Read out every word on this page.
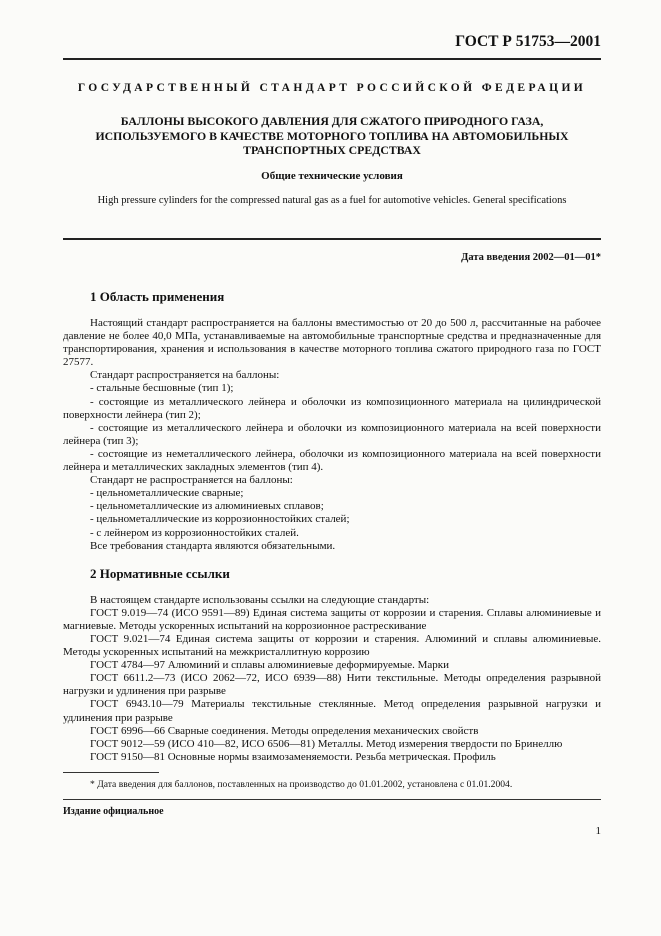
ГОСТ Р 51753—2001
ГОСУДАРСТВЕННЫЙ СТАНДАРТ РОССИЙСКОЙ ФЕДЕРАЦИИ
БАЛЛОНЫ ВЫСОКОГО ДАВЛЕНИЯ ДЛЯ СЖАТОГО ПРИРОДНОГО ГАЗА,
ИСПОЛЬЗУЕМОГО В КАЧЕСТВЕ МОТОРНОГО ТОПЛИВА НА АВТОМОБИЛЬНЫХ
ТРАНСПОРТНЫХ СРЕДСТВАХ
Общие технические условия
High pressure cylinders for the compressed natural gas as a fuel for automotive vehicles. General specifications
Дата введения 2002—01—01*
1 Область применения

Настоящий стандарт распространяется на баллоны вместимостью от 20 до 500 л, рассчитанные на рабочее давление не более 40,0 МПа, устанавливаемые на автомобильные транспортные средства и предназначенные для транспортирования, хранения и использования в качестве моторного топлива сжатого природного газа по ГОСТ 27577.

Стандарт распространяется на баллоны:

- стальные бесшовные (тип 1);

- состоящие из металлического лейнера и оболочки из композиционного материала на цилиндрической поверхности лейнера (тип 2);

- состоящие из металлического лейнера и оболочки из композиционного материала на всей поверхности лейнера (тип 3);

- состоящие из неметаллического лейнера, оболочки из композиционного материала на всей поверхности лейнера и металлических закладных элементов (тип 4).

Стандарт не распространяется на баллоны:

- цельнометаллические сварные;

- цельнометаллические из алюминиевых сплавов;

- цельнометаллические из коррозионностойких сталей;

- с лейнером из коррозионностойких сталей.

Все требования стандарта являются обязательными.

2 Нормативные ссылки

В настоящем стандарте использованы ссылки на следующие стандарты:

ГОСТ 9.019—74 (ИСО 9591—89) Единая система защиты от коррозии и старения. Сплавы алюминиевые и магниевые. Методы ускоренных испытаний на коррозионное растрескивание

ГОСТ 9.021—74 Единая система защиты от коррозии и старения. Алюминий и сплавы алюминиевые. Методы ускоренных испытаний на межкристаллитную коррозию

ГОСТ 4784—97 Алюминий и сплавы алюминиевые деформируемые. Марки

ГОСТ 6611.2—73 (ИСО 2062—72, ИСО 6939—88) Нити текстильные. Методы определения разрывной нагрузки и удлинения при разрыве

ГОСТ 6943.10—79 Материалы текстильные стеклянные. Метод определения разрывной нагрузки и удлинения при разрыве

ГОСТ 6996—66 Сварные соединения. Методы определения механических свойств

ГОСТ 9012—59 (ИСО 410—82, ИСО 6506—81) Металлы. Метод измерения твердости по Бринеллю

ГОСТ 9150—81 Основные нормы взаимозаменяемости. Резьба метрическая. Профиль

* Дата введения для баллонов, поставленных на производство до 01.01.2002, установлена с 01.01.2004.
Издание официальное
1
